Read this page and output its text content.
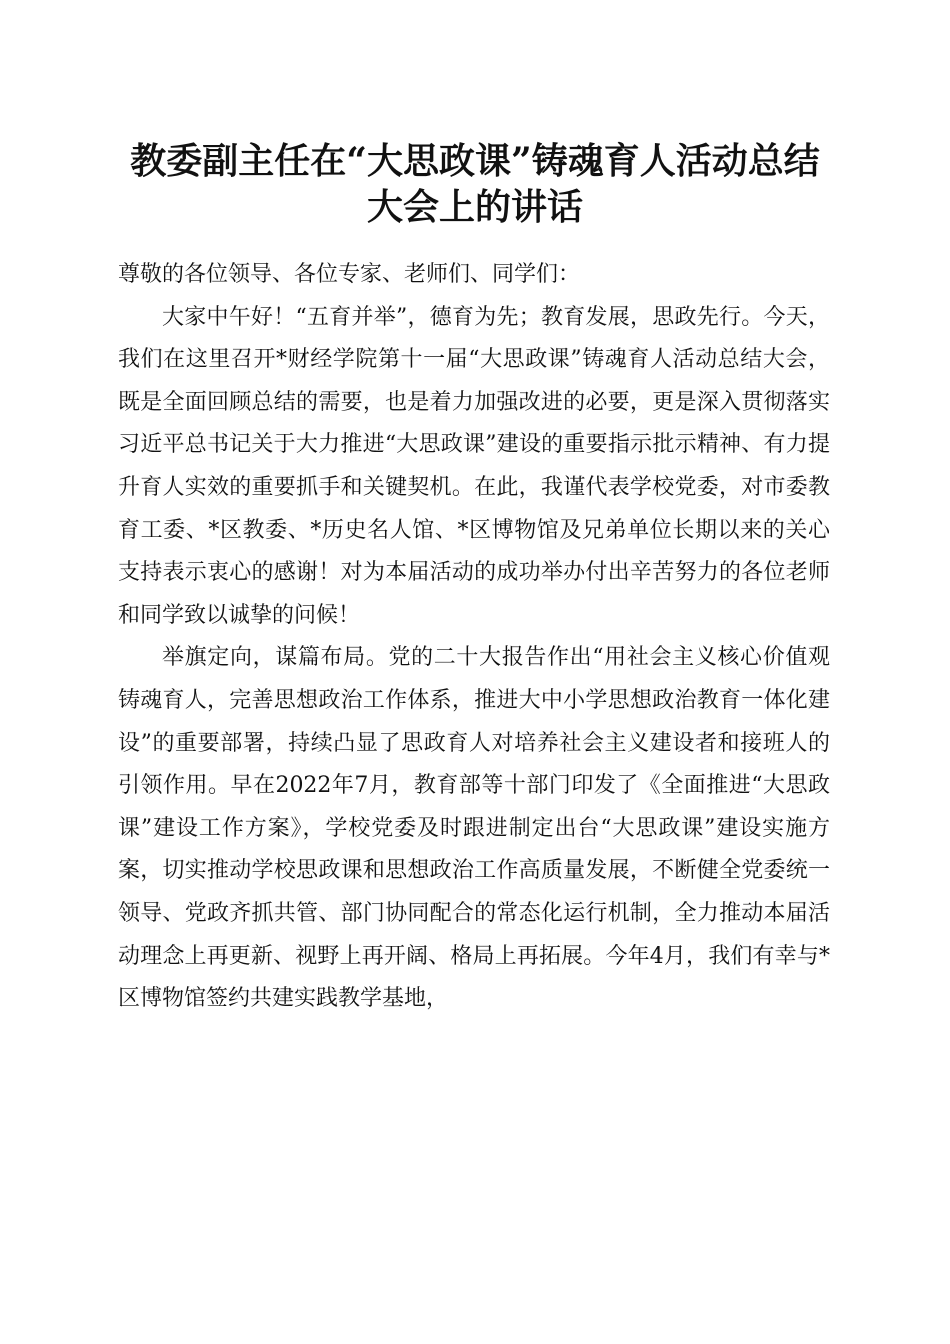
教委副主任在“大思政课”铸魂育人活动总结
大会上的讲话

尊敬的各位领导、各位专家、老师们、同学们：

大家中午好！“五育并举”，德育为先；教育发展，思政先行。今天，我们在这里召开*财经学院第十一届“大思政课”铸魂育人活动总结大会，既是全面回顾总结的需要，也是着力加强改进的必要，更是深入贯彻落实习近平总书记关于大力推进“大思政课”建设的重要指示批示精神、有力提升育人实效的重要抓手和关键契机。在此，我谨代表学校党委，对市委教育工委、*区教委、*历史名人馆、*区博物馆及兄弟单位长期以来的关心支持表示衷心的感谢！对为本届活动的成功举办付出辛苦努力的各位老师和同学致以诚挚的问候！

举旗定向，谋篇布局。党的二十大报告作出“用社会主义核心价值观铸魂育人，完善思想政治工作体系，推进大中小学思想政治教育一体化建设”的重要部署，持续凸显了思政育人对培养社会主义建设者和接班人的引领作用。早在2022年7月，教育部等十部门印发了《全面推进“大思政课”建设工作方案》，学校党委及时跟进制定出台“大思政课”建设实施方案，切实推动学校思政课和思想政治工作高质量发展，不断健全党委统一领导、党政齐抓共管、部门协同配合的常态化运行机制，全力推动本届活动理念上再更新、视野上再开阔、格局上再拓展。今年4月，我们有幸与*区博物馆签约共建实践教学基地，
